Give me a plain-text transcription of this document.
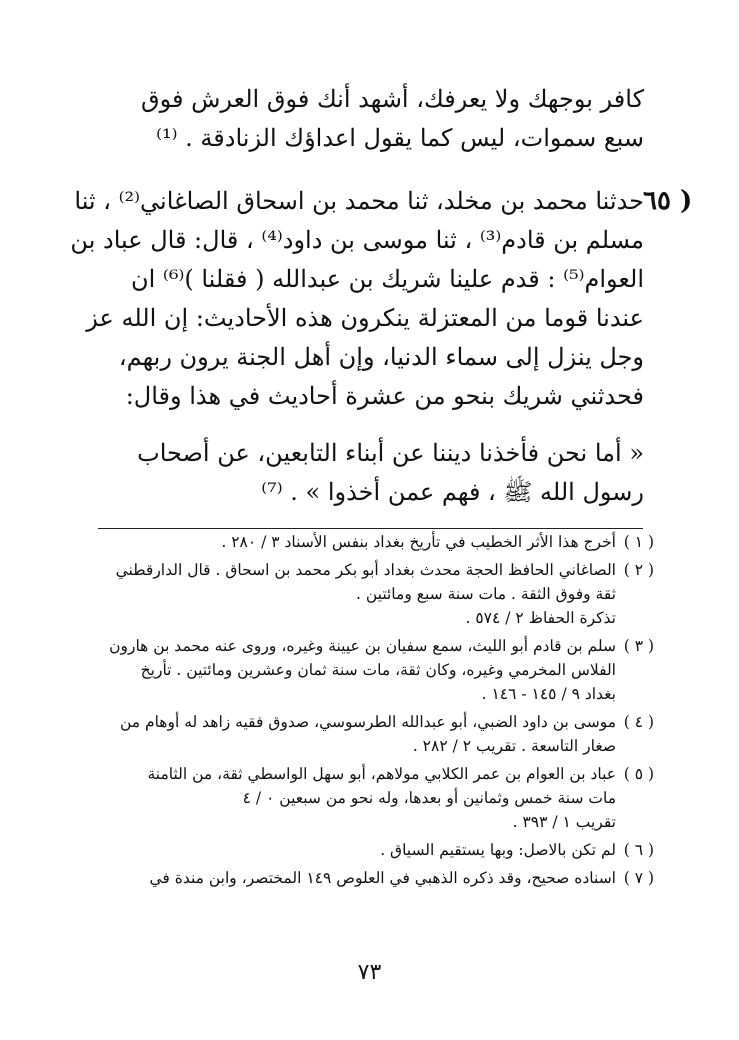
كافر بوجهك ولا يعرفك، أشهد أنك فوق العرش فوق
سبع سموات، ليس كما يقول اعداؤك الزنادقة . ⁽¹⁾
٦٥ )
حدثنا محمد بن مخلد، ثنا محمد بن اسحاق الصاغاني⁽²⁾ ، ثنا
مسلم بن قادم⁽³⁾ ، ثنا موسى بن داود⁽⁴⁾ ، قال: قال عباد بن
العوام⁽⁵⁾ : قدم علينا شريك بن عبدالله ( فقلنا )⁽⁶⁾ ان
عندنا قوما من المعتزلة ينكرون هذه الأحاديث: إن الله عز
وجل ينزل إلى سماء الدنيا، وإن أهل الجنة يرون ربهم،
فحدثني شريك بنحو من عشرة أحاديث في هذا وقال:
« أما نحن فأخذنا ديننا عن أبناء التابعين، عن أصحاب
رسول الله ﷺ ، فهم عمن أخذوا » . ⁽⁷⁾
( ١ )
أخرج هذا الأثر الخطيب في تأريخ بغداد بنفس الأسناد ٣ / ٢٨٠ .
( ٢ )
الصاغاني الحافظ الحجة محدث بغداد أبو بكر محمد بن اسحاق . قال الدارقطني
ثقة وفوق الثقة . مات سنة سبع ومائتين .
تذكرة الحفاظ ٢ / ٥٧٤ .
( ٣ )
سلم بن قادم أبو الليث، سمع سفيان بن عيينة وغيره، وروى عنه محمد بن هارون
الفلاس المخرمي وغيره، وكان ثقة، مات سنة ثمان وعشرين ومائتين . تأريخ
بغداد ٩ / ١٤٥ - ١٤٦ .
( ٤ )
موسى بن داود الضبي، أبو عبدالله الطرسوسي، صدوق فقيه زاهد له أوهام من
صغار التاسعة . تقريب ٢ / ٢٨٢ .
( ٥ )
عباد بن العوام بن عمر الكلابي مولاهم، أبو سهل الواسطي ثقة، من الثامنة
مات سنة خمس وثمانين أو بعدها، وله نحو من سبعين ٠ / ٤
تقريب ١ / ٣٩٣ .
( ٦ )
لم تكن بالاصل: وبها يستقيم السياق .
( ٧ )
اسناده صحيح، وقد ذكره الذهبي في العلوص ١٤٩ المختصر، وابن مندة في
٧٣
